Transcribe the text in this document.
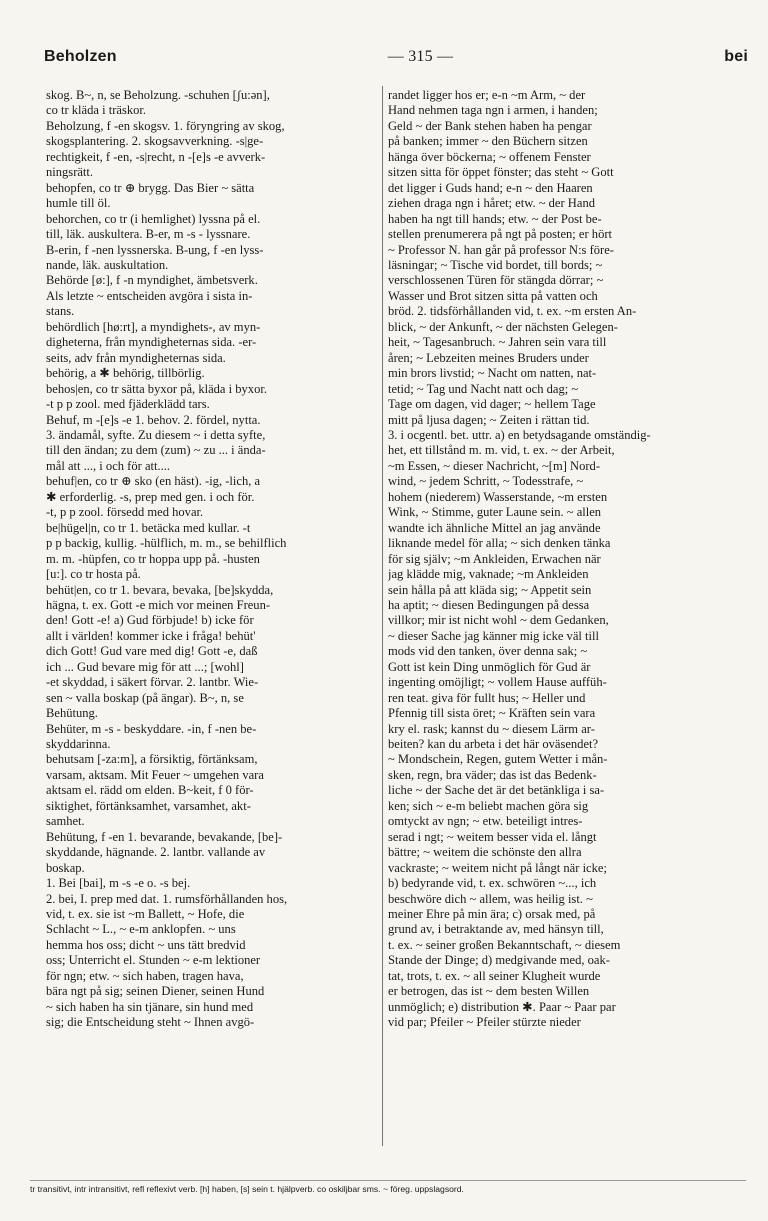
Beholzen	— 315 —	bei
skog. B~, n, se Beholzung. -schuhen [ʃu:ən],
co tr kläda i träskor.
Beholzung, f -en skogsv. 1. föryngring av skog,
skogsplantering. 2. skogsavverkning. -s|ge-
rechtigkeit, f -en, -s|recht, n -[e]s -e avverk-
ningsrätt.
behopfen, co tr ⊕ brygg. Das Bier ~ sätta
humle till öl.
behorchen, co tr (i hemlighet) lyssna på el.
till, läk. auskultera. B-er, m -s - lyssnare.
B-erin, f -nen lyssnerska. B-ung, f -en lyss-
nande, läk. auskultation.
Behörde [ø:], f -n myndighet, ämbetsverk.
Als letzte ~ entscheiden avgöra i sista in-
stans.
behördlich [hø:rt], a myndighets-, av myn-
digheterna, från myndigheternas sida. -er-
seits, adv från myndigheternas sida.
behörig, a ✱ behörig, tillbörlig.
behos|en, co tr sätta byxor på, kläda i byxor.
-t p p zool. med fjäderklädd tars.
Behuf, m -[e]s -e 1. behov. 2. fördel, nytta.
3. ändamål, syfte. Zu diesem ~ i detta syfte,
till den ändan; zu dem (zum) ~ zu ... i ända-
mål att ..., i och för att....
behuf|en, co tr ⊕ sko (en häst). -ig, -lich, a
✱ erforderlig. -s, prep med gen. i och för.
-t, p p zool. försedd med hovar.
be|hügel|n, co tr 1. betäcka med kullar. -t
p p backig, kullig. -hülflich, m. m., se behilflich
m. m. -hüpfen, co tr hoppa upp på. -husten
[u:]. co tr hosta på.
behüt|en, co tr 1. bevara, bevaka, [be]skydda,
hägna, t. ex. Gott -e mich vor meinen Freun-
den! Gott -e! a) Gud förbjude! b) icke för
allt i världen! kommer icke i fråga! behüt'
dich Gott! Gud vare med dig! Gott -e, daß
ich ... Gud bevare mig för att ...; [wohl]
-et skyddad, i säkert förvar. 2. lantbr. Wie-
sen ~ valla boskap (på ängar). B~, n, se
Behütung.
Behüter, m -s - beskyddare. -in, f -nen be-
skyddarinna.
behutsam [-za:m], a försiktig, förtänksam,
varsam, aktsam. Mit Feuer ~ umgehen vara
aktsam el. rädd om elden. B~keit, f 0 för-
siktighet, förtänksamhet, varsamhet, akt-
samhet.
Behütung, f -en 1. bevarande, bevakande, [be]-
skyddande, hägnande. 2. lantbr. vallande av
boskap.
1. Bei [bai], m -s -e o. -s bej.
2. bei, I. prep med dat. 1. rumsförhållanden hos,
vid, t. ex. sie ist ~m Ballett, ~ Hofe, die
Schlacht ~ L., ~ e-m anklopfen. ~ uns
hemma hos oss; dicht ~ uns tätt bredvid
oss; Unterricht el. Stunden ~ e-m lektioner
för ngn; etw. ~ sich haben, tragen hava,
bära ngt på sig; seinen Diener, seinen Hund
~ sich haben ha sin tjänare, sin hund med
sig; die Entscheidung steht ~ Ihnen avgö-
randet ligger hos er; e-n ~m Arm, ~ der
Hand nehmen taga ngn i armen, i handen;
Geld ~ der Bank stehen haben ha pengar
på banken; immer ~ den Büchern sitzen
hänga över böckerna; ~ offenem Fenster
sitzen sitta för öppet fönster; das steht ~ Gott
det ligger i Guds hand; e-n ~ den Haaren
ziehen draga ngn i håret; etw. ~ der Hand
haben ha ngt till hands; etw. ~ der Post be-
stellen prenumerera på ngt på posten; er hört
~ Professor N. han går på professor N:s före-
läsningar; ~ Tische vid bordet, till bords; ~
verschlossenen Türen för stängda dörrar; ~
Wasser und Brot sitzen sitta på vatten och
bröd. 2. tidsförhållanden vid, t. ex. ~m ersten An-
blick, ~ der Ankunft, ~ der nächsten Gelegen-
heit, ~ Tagesanbruch. ~ Jahren sein vara till
åren; ~ Lebzeiten meines Bruders under
min brors livstid; ~ Nacht om natten, nat-
tetid; ~ Tag und Nacht natt och dag; ~
Tage om dagen, vid dager; ~ hellem Tage
mitt på ljusa dagen; ~ Zeiten i rättan tid.
3. i ocgentl. bet. uttr. a) en betydsagande omständig-
het, ett tillstånd m. m. vid, t. ex. ~ der Arbeit,
~m Essen, ~ dieser Nachricht, ~[m] Nord-
wind, ~ jedem Schritt, ~ Todesstrafe, ~
hohem (niederem) Wasserstande, ~m ersten
Wink, ~ Stimme, guter Laune sein. ~ allen
wandte ich ähnliche Mittel an jag använde
liknande medel för alla; ~ sich denken tänka
för sig själv; ~m Ankleiden, Erwachen när
jag klädde mig, vaknade; ~m Ankleiden
sein hålla på att kläda sig; ~ Appetit sein
ha aptit; ~ diesen Bedingungen på dessa
villkor; mir ist nicht wohl ~ dem Gedanken,
~ dieser Sache jag känner mig icke väl till
mods vid den tanken, över denna sak; ~
Gott ist kein Ding unmöglich för Gud är
ingenting omöjligt; ~ vollem Hause auffüh-
ren teat. giva för fullt hus; ~ Heller und
Pfennig till sista öret; ~ Kräften sein vara
kry el. rask; kannst du ~ diesem Lärm ar-
beiten? kan du arbeta i det här oväsendet?
~ Mondschein, Regen, gutem Wetter i mån-
sken, regn, bra väder; das ist das Bedenk-
liche ~ der Sache det är det betänkliga i sa-
ken; sich ~ e-m beliebt machen göra sig
omtyckt av ngn; ~ etw. beteiligt intres-
serad i ngt; ~ weitem besser vida el. långt
bättre; ~ weitem die schönste den allra
vackraste; ~ weitem nicht på långt när icke;
b) bedyrande vid, t. ex. schwören ~..., ich
beschwöre dich ~ allem, was heilig ist. ~
meiner Ehre på min ära; c) orsak med, på
grund av, i betraktande av, med hänsyn till,
t. ex. ~ seiner großen Bekanntschaft, ~ diesem
Stande der Dinge; d) medgivande med, oak-
tat, trots, t. ex. ~ all seiner Klugheit wurde
er betrogen, das ist ~ dem besten Willen
unmöglich; e) distribution ✱. Paar ~ Paar par
vid par; Pfeiler ~ Pfeiler stürzte nieder
tr transitivt, intr intransitivt, refl reflexivt verb. [h] haben, [s] sein t. hjälpverb. co oskiljbar sms. ~ föreg. uppslagsord.
